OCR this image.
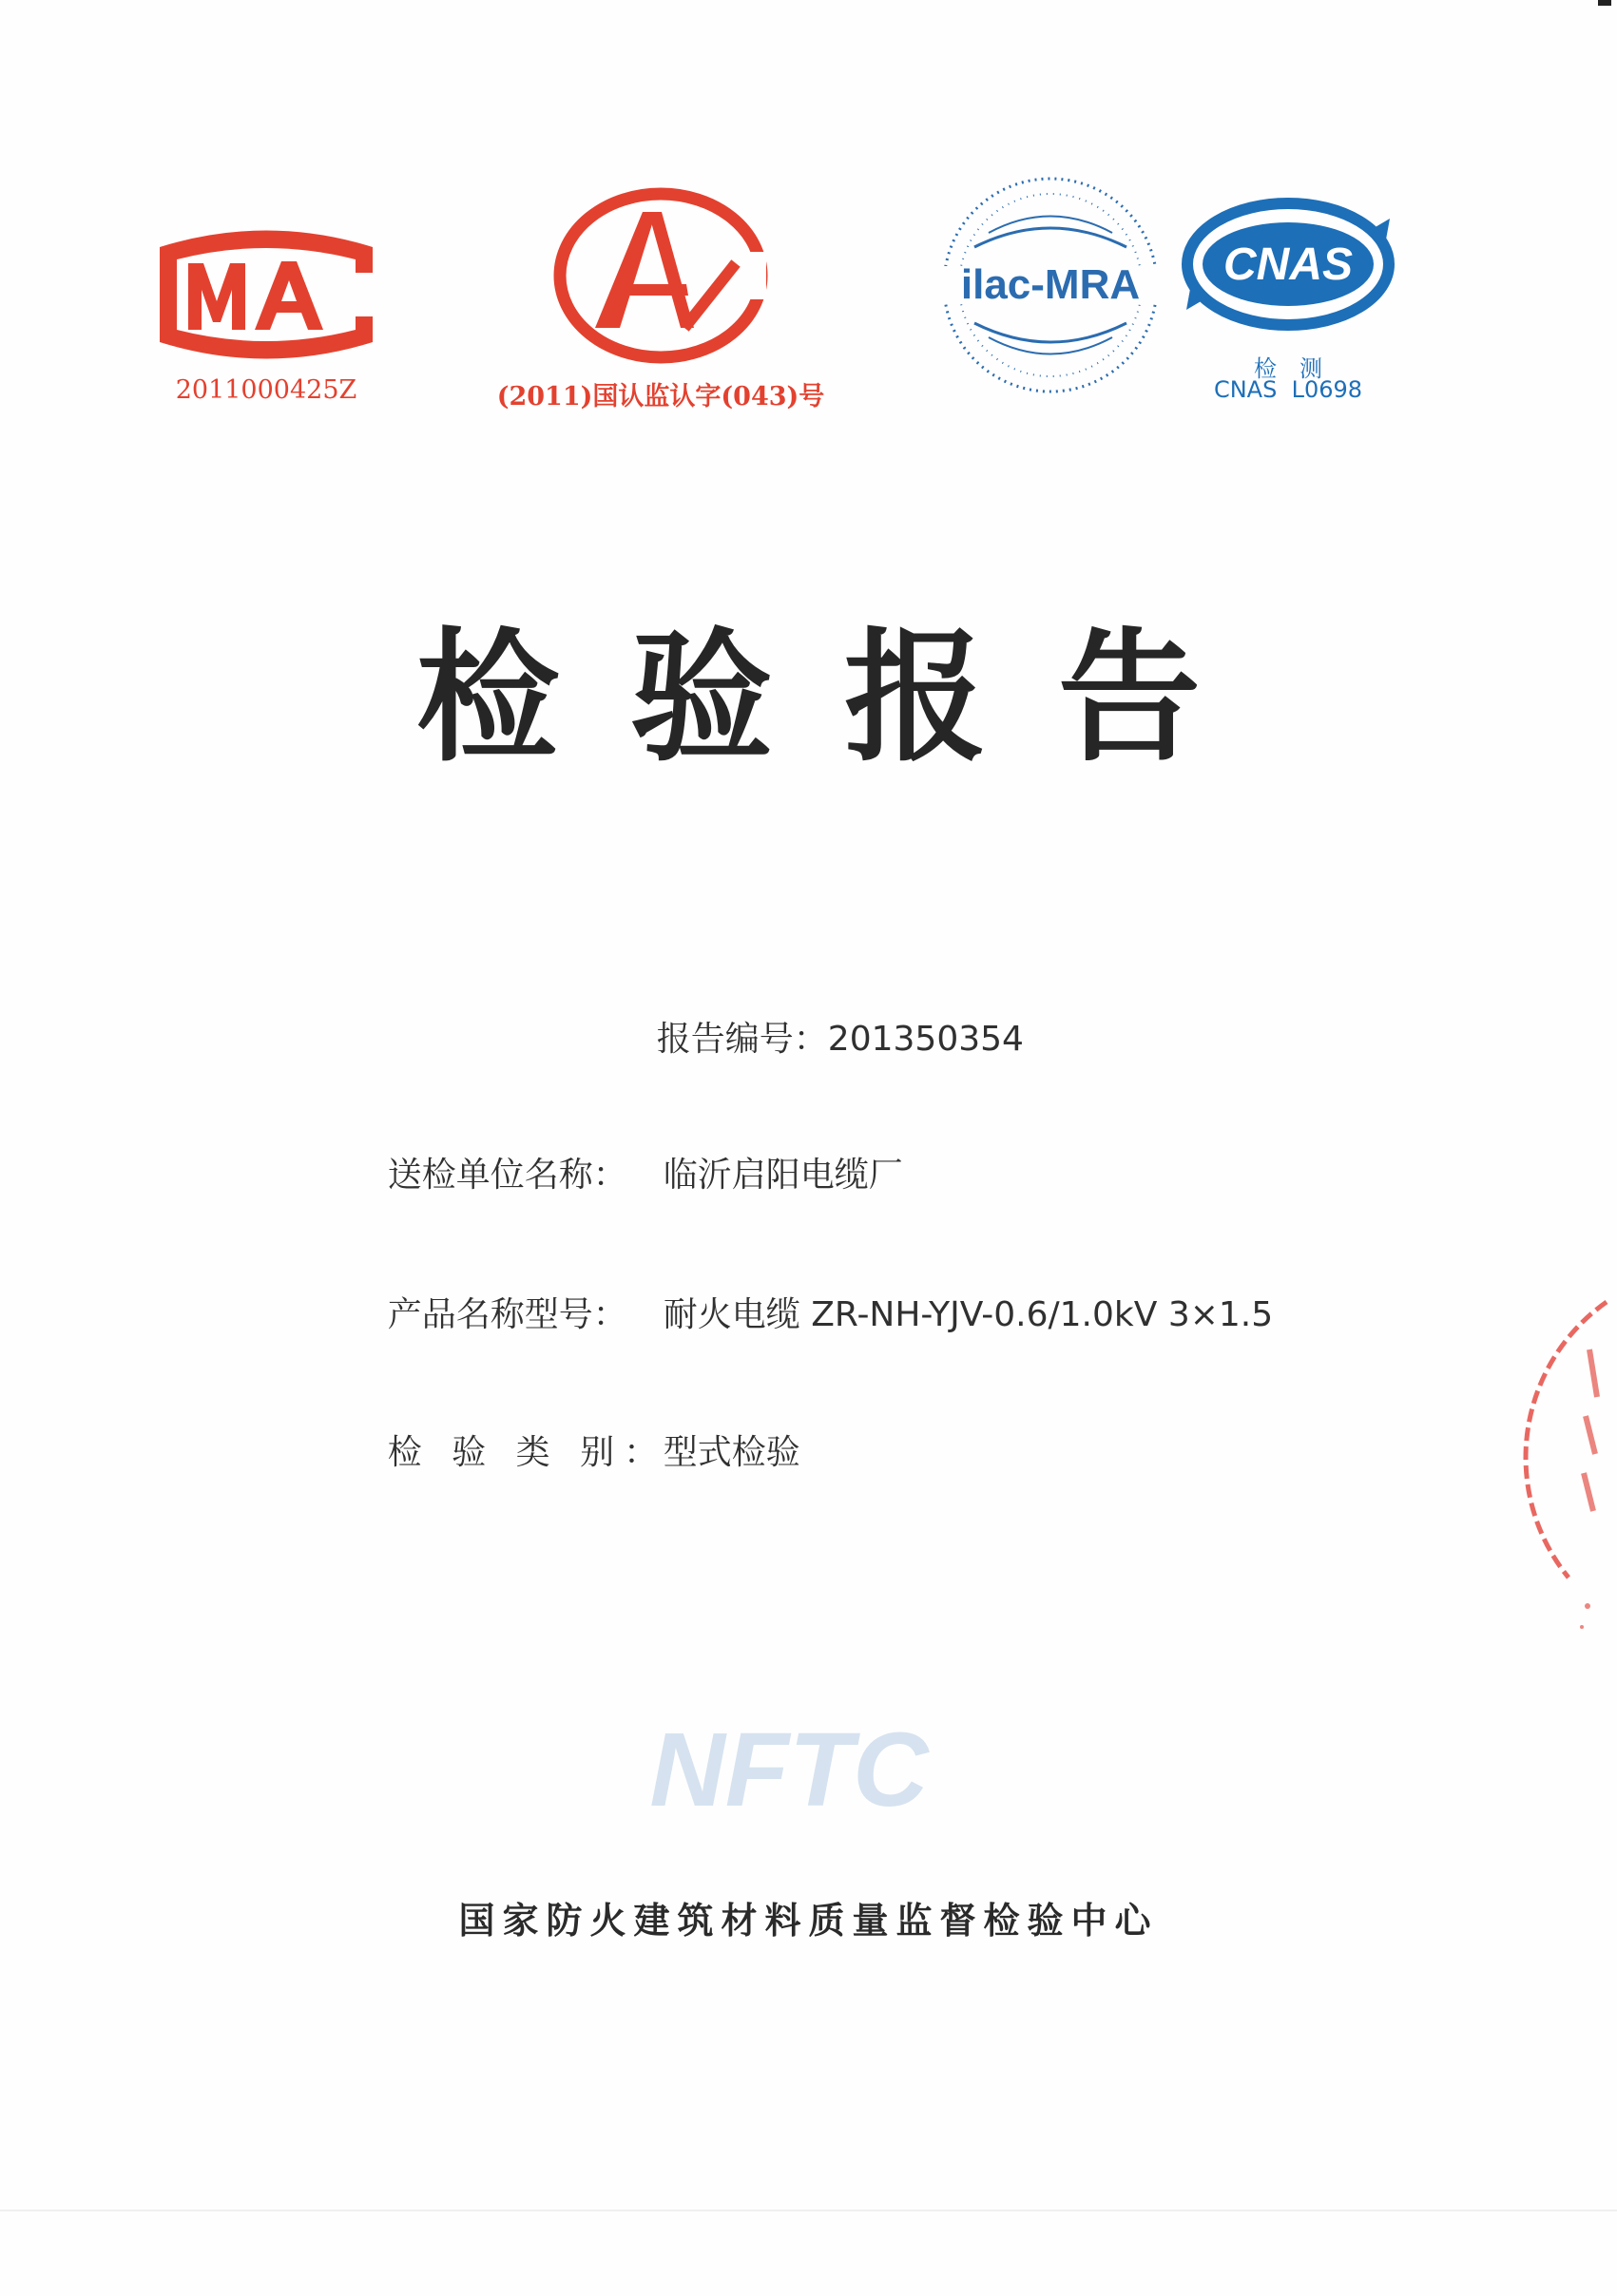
2011000425Z	(2011)国认监认字(043)号
ilac-MRA CNAS
检　测
CNAS  L0698
检验报告

报告编号：201350354

送检单位名称： 临沂启阳电缆厂

产品名称型号： 耐火电缆 ZR-NH-YJV-0.6/1.0kV 3×1.5

检 验 类 别：型式检验

NFTC
国家防火建筑材料质量监督检验中心
